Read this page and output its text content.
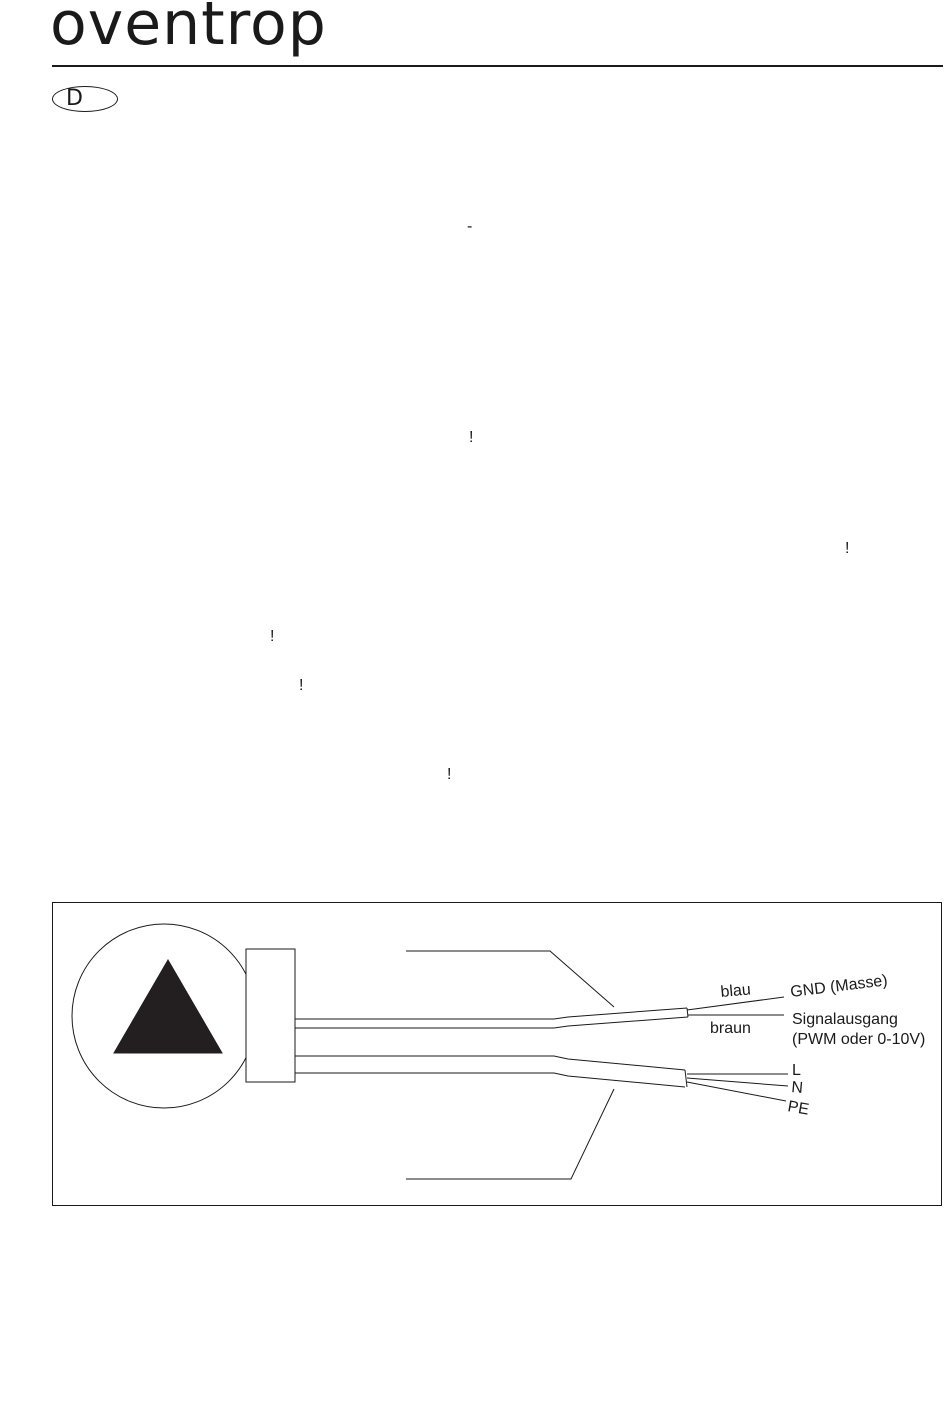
oventrop
D
-
!
!
!
!
!
blau
braun
GND (Masse)
Signalausgang
(PWM oder 0-10V)
L
N
PE
